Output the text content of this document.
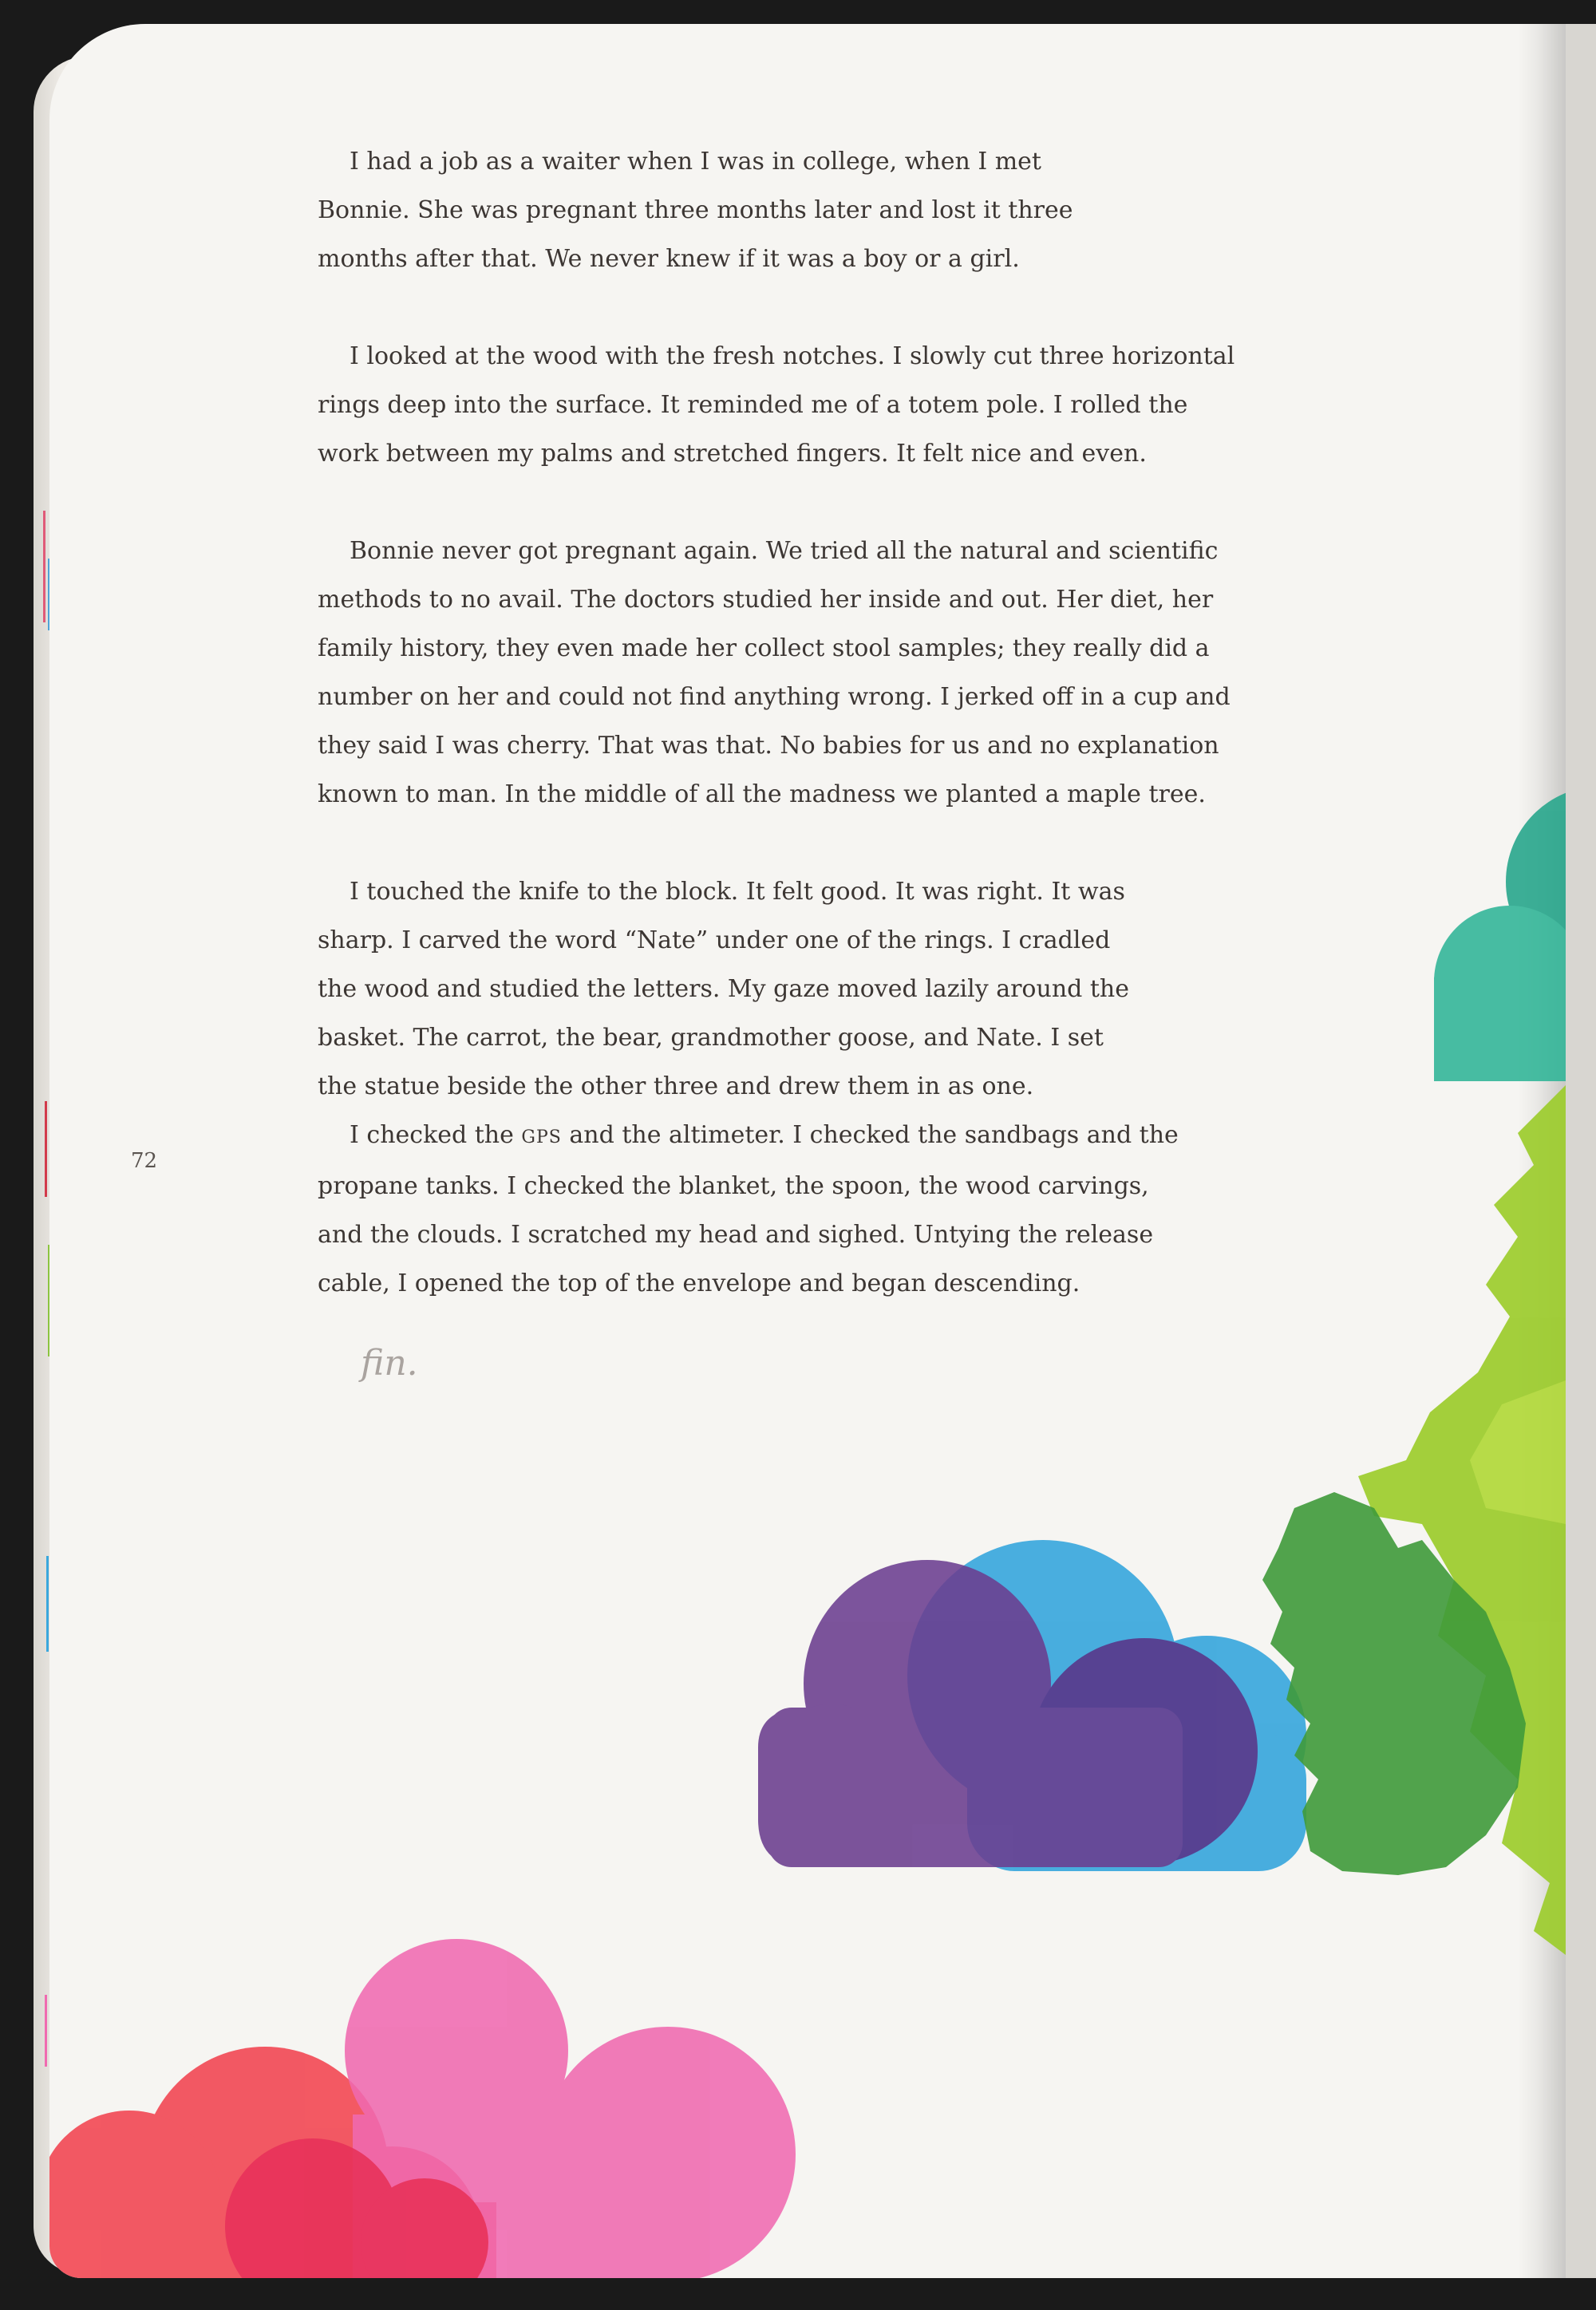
72

I had a job as a waiter when I was in college, when I met
Bonnie. She was pregnant three months later and lost it three
months after that. We never knew if it was a boy or a girl.

I looked at the wood with the fresh notches. I slowly cut three horizontal
rings deep into the surface. It reminded me of a totem pole. I rolled the
work between my palms and stretched fingers. It felt nice and even.

Bonnie never got pregnant again. We tried all the natural and scientific
methods to no avail. The doctors studied her inside and out. Her diet, her
family history, they even made her collect stool samples; they really did a
number on her and could not find anything wrong. I jerked off in a cup and
they said I was cherry. That was that. No babies for us and no explanation
known to man. In the middle of all the madness we planted a maple tree.

I touched the knife to the block. It felt good. It was right. It was
sharp. I carved the word “Nate” under one of the rings. I cradled
the wood and studied the letters. My gaze moved lazily around the
basket. The carrot, the bear, grandmother goose, and Nate. I set
the statue beside the other three and drew them in as one.

I checked the GPS and the altimeter. I checked the sandbags and the
propane tanks. I checked the blanket, the spoon, the wood carvings,
and the clouds. I scratched my head and sighed. Untying the release
cable, I opened the top of the envelope and began descending.

fin.
